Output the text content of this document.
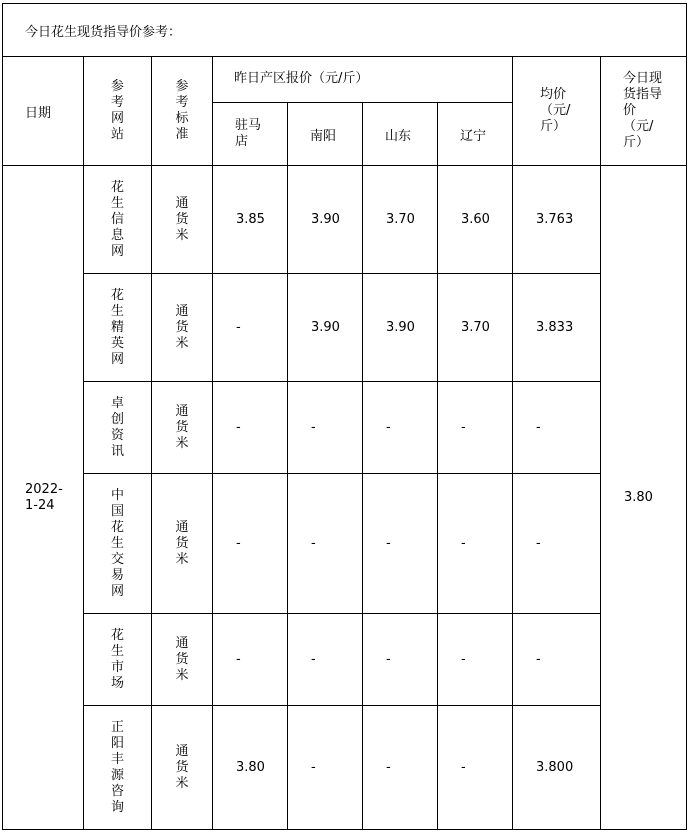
今日花生现货指导价参考：								
日期	参考网站	参考标准	昨日产区报价（元/斤）				均价（元/斤）	今日现货指导价（元/斤）

			驻马店	南阳	山东	辽宁		

2022-1-24	花生信息网	通货米	3.85	3.90	3.70	3.60	3.763	3.80

	花生精英网	通货米	-	3.90	3.90	3.70	3.833	

	卓创资讯	通货米	-	-	-	-	-	

	中国花生交易网	通货米	-	-	-	-	-	

	花生市场	通货米	-	-	-	-	-	

	正阳丰源咨询	通货米	3.80	-	-	-	3.800	
